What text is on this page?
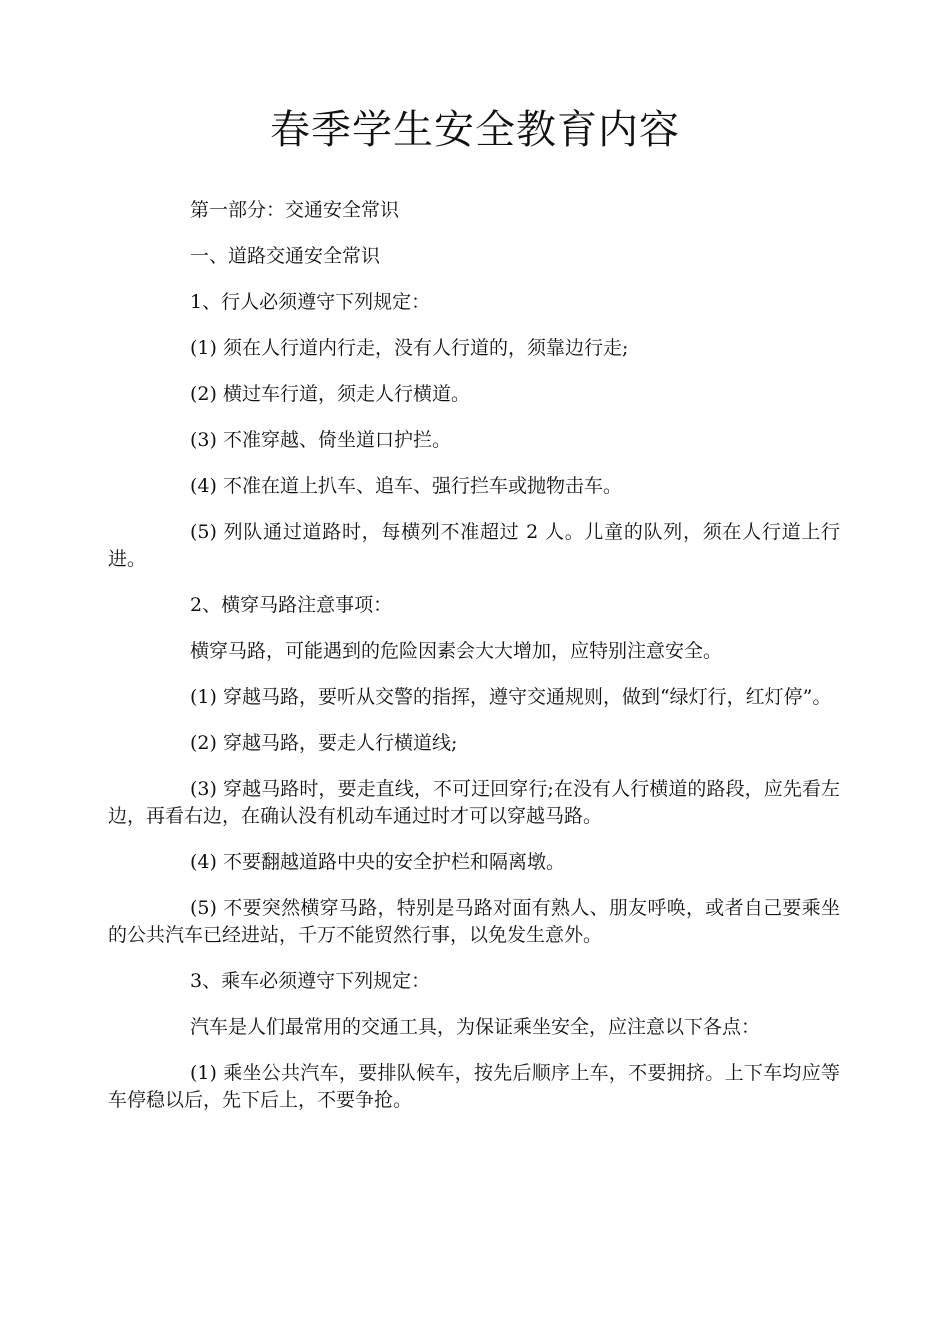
春季学生安全教育内容

第一部分：交通安全常识

一、道路交通安全常识

1、行人必须遵守下列规定：

(1) 须在人行道内行走，没有人行道的，须靠边行走;

(2) 横过车行道，须走人行横道。

(3) 不准穿越、倚坐道口护拦。

(4) 不准在道上扒车、追车、强行拦车或抛物击车。

(5) 列队通过道路时，每横列不准超过 2 人。儿童的队列，须在人行道上行进。

2、横穿马路注意事项：

横穿马路，可能遇到的危险因素会大大增加，应特别注意安全。

(1) 穿越马路，要听从交警的指挥，遵守交通规则，做到“绿灯行，红灯停”。

(2) 穿越马路，要走人行横道线;

(3) 穿越马路时，要走直线，不可迂回穿行;在没有人行横道的路段，应先看左边，再看右边，在确认没有机动车通过时才可以穿越马路。

(4) 不要翻越道路中央的安全护栏和隔离墩。

(5) 不要突然横穿马路，特别是马路对面有熟人、朋友呼唤，或者自己要乘坐的公共汽车已经进站，千万不能贸然行事，以免发生意外。

3、乘车必须遵守下列规定：

汽车是人们最常用的交通工具，为保证乘坐安全，应注意以下各点：

(1) 乘坐公共汽车，要排队候车，按先后顺序上车，不要拥挤。上下车均应等车停稳以后，先下后上，不要争抢。
